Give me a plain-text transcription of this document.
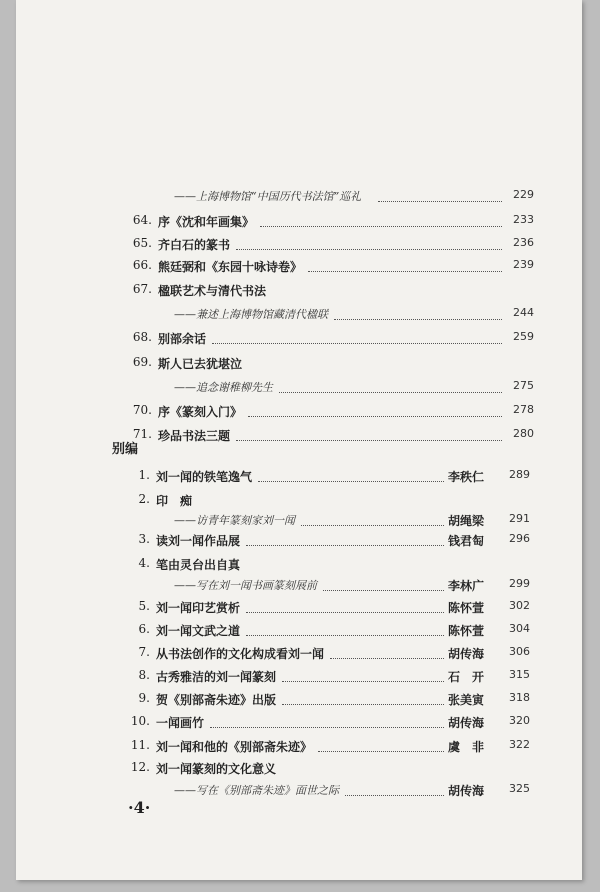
——上海博物馆“中国历代书法馆”巡礼	229
64. 序《沈和年画集》	233
65. 齐白石的篆书	236
66. 熊廷弼和《东园十咏诗卷》	239
67. 楹联艺术与清代书法
——兼述上海博物馆藏清代楹联	244
68. 别部余话	259
69. 斯人已去犹堪泣
——追念谢稚柳先生	275
70. 序《篆刻入门》	278
71. 珍品书法三题	280
1. 刘一闻的铁笔逸气	李秩仁	289
2. 印　痴
——访青年篆刻家刘一闻	胡绳梁	291
3. 读刘一闻作品展	钱君匋	296
4. 笔由灵台出自真
——写在刘一闻书画篆刻展前	李林广	299
5. 刘一闻印艺赏析	陈怀萱	302
6. 刘一闻文武之道	陈怀萱	304
7. 从书法创作的文化构成看刘一闻	胡传海	306
8. 古秀雅洁的刘一闻篆刻	石　开	315
9. 贺《别部斋朱迹》出版	张美寅	318
10. 一闻画竹	胡传海	320
11. 刘一闻和他的《别部斋朱迹》	虞　非	322
12. 刘一闻篆刻的文化意义
——写在《别部斋朱迹》面世之际	胡传海	325
别编
·4·
